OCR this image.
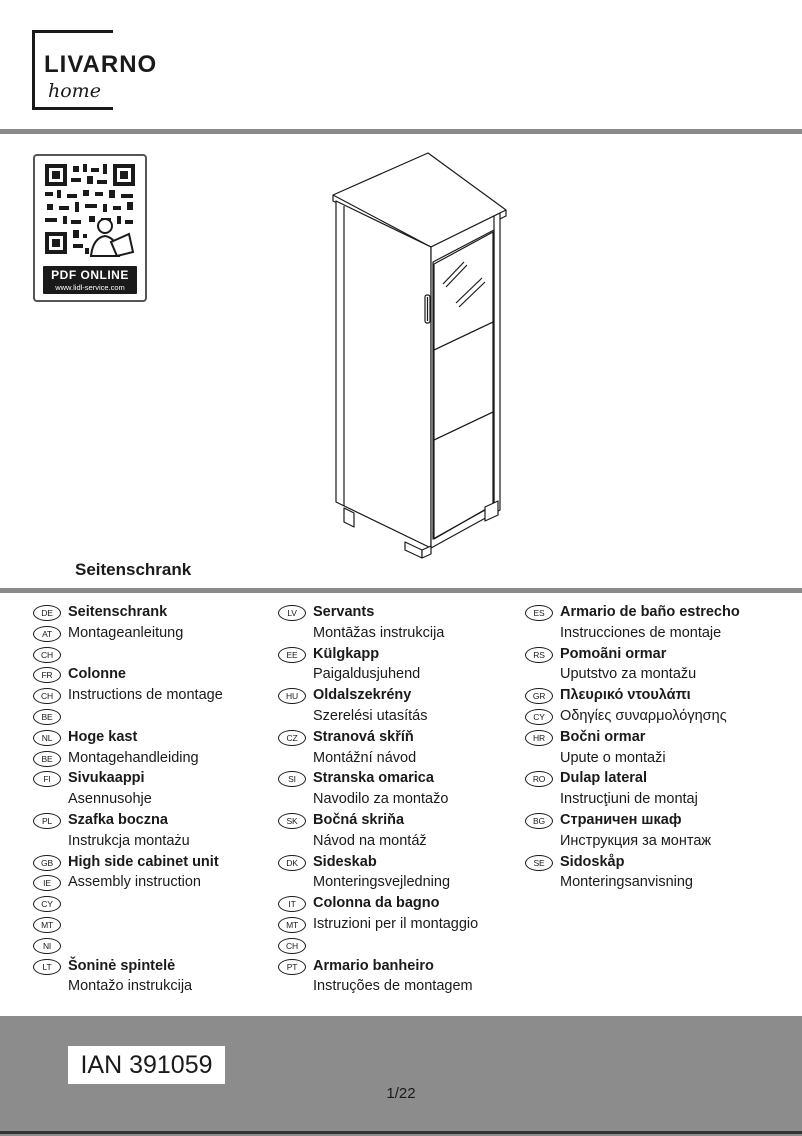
LIVARNO
home
PDF ONLINE
www.lidl-service.com
Seitenschrank
DE	Seitenschrank
AT	Montageanleitung
CH
FR	Colonne
CH	Instructions de montage
BE
NL	Hoge kast
BE	Montagehandleiding
FI	Sivukaappi
Asennusohje
PL	Szafka boczna
Instrukcja montażu
GB	High side cabinet unit
IE	Assembly instruction
CY
MT
NI
LT	Šoninė spintelė
Montažo instrukcija
LV	Servants
Montāžas instrukcija
EE	Külgkapp
Paigaldusjuhend
HU	Oldalszekrény
Szerelési utasítás
CZ	Stranová skříň
Montážní návod
SI	Stranska omarica
Navodilo za montažo
SK	Bočná skriňa
Návod na montáž
DK	Sideskab
Monteringsvejledning
IT	Colonna da bagno
MT	Istruzioni per il montaggio
CH
PT	Armario banheiro
Instruções de montagem
ES	Armario de baño estrecho
Instrucciones de montaje
RS	Pomoãni ormar
Uputstvo za montažu
GR	Πλευρικό ντουλάπι
CY	Οδηγίες συναρμολόγησης
HR	Bočni ormar
Upute o montaži
RO	Dulap lateral
Instrucţiuni de montaj
BG	Страничен шкаф
Инструкция за монтаж
SE	Sidoskåp
Monteringsanvisning
IAN 391059
1/22
